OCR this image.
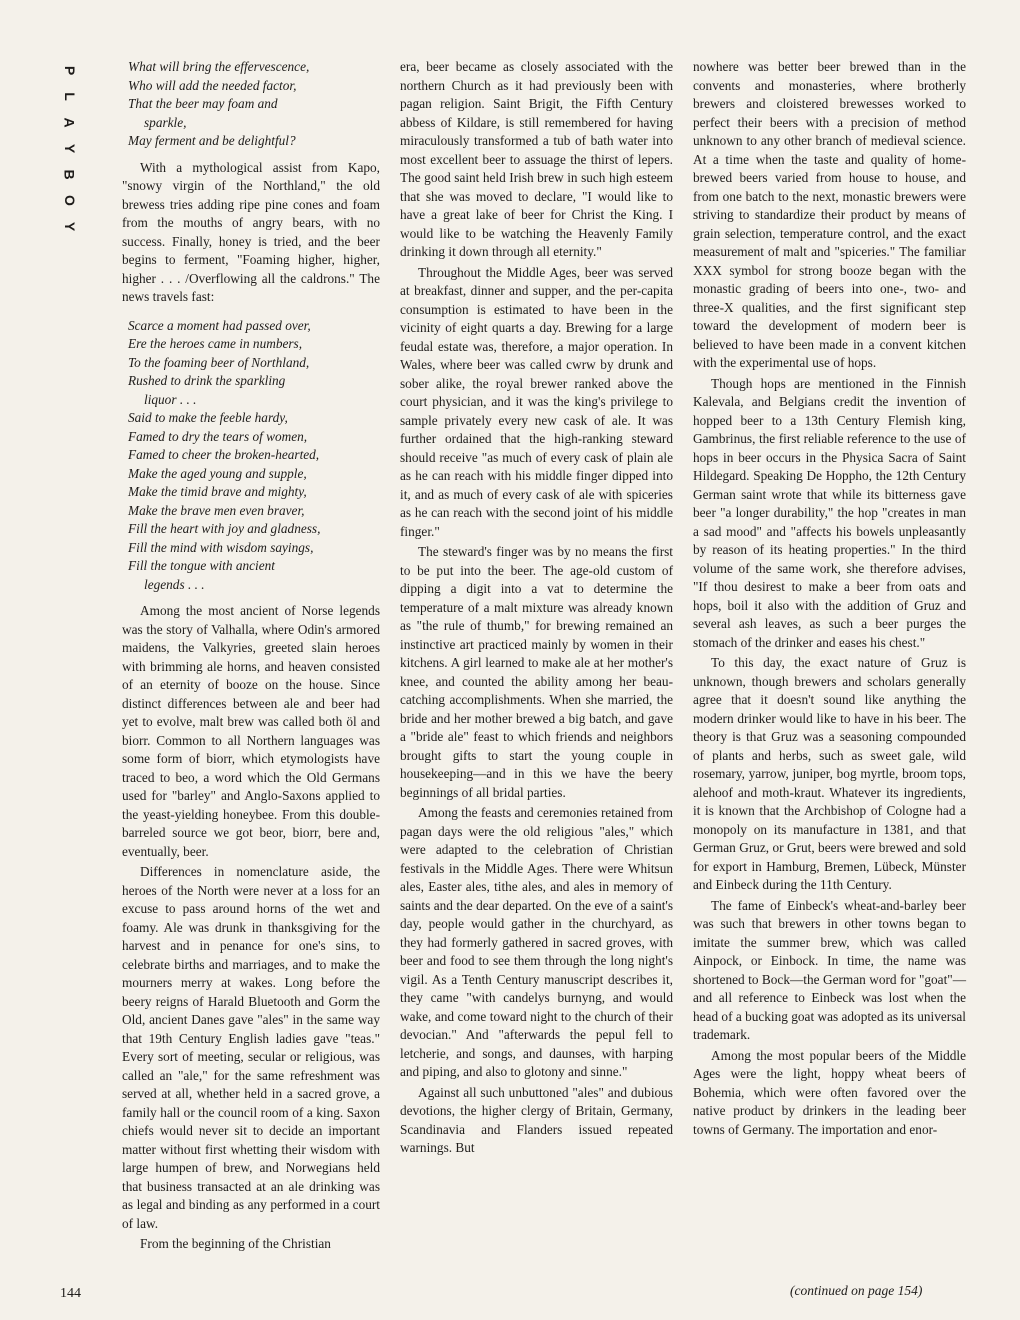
P
L
A
Y
B
O
Y
What will bring the effervescence,
Who will add the needed factor,
That the beer may foam and
sparkle,
May ferment and be delightful?

With a mythological assist from Kapo, "snowy virgin of the Northland," the old brewess tries adding ripe pine cones and foam from the mouths of angry bears, with no success. Finally, honey is tried, and the beer begins to ferment, "Foaming higher, higher, higher . . . /Overflowing all the caldrons." The news travels fast:

Scarce a moment had passed over,
Ere the heroes came in numbers,
To the foaming beer of Northland,
Rushed to drink the sparkling
liquor . . .
Said to make the feeble hardy,
Famed to dry the tears of women,
Famed to cheer the broken-hearted,
Make the aged young and supple,
Make the timid brave and mighty,
Make the brave men even braver,
Fill the heart with joy and gladness,
Fill the mind with wisdom sayings,
Fill the tongue with ancient
legends . . .

Among the most ancient of Norse legends was the story of Valhalla, where Odin's armored maidens, the Valkyries, greeted slain heroes with brimming ale horns, and heaven consisted of an eternity of booze on the house. Since distinct differences between ale and beer had yet to evolve, malt brew was called both öl and biorr. Common to all Northern languages was some form of biorr, which etymologists have traced to beo, a word which the Old Germans used for "barley" and Anglo-Saxons applied to the yeast-yielding honeybee. From this double-barreled source we got beor, biorr, bere and, eventually, beer.

Differences in nomenclature aside, the heroes of the North were never at a loss for an excuse to pass around horns of the wet and foamy. Ale was drunk in thanksgiving for the harvest and in penance for one's sins, to celebrate births and marriages, and to make the mourners merry at wakes. Long before the beery reigns of Harald Bluetooth and Gorm the Old, ancient Danes gave "ales" in the same way that 19th Century English ladies gave "teas." Every sort of meeting, secular or religious, was called an "ale," for the same refreshment was served at all, whether held in a sacred grove, a family hall or the council room of a king. Saxon chiefs would never sit to decide an important matter without first whetting their wisdom with large humpen of brew, and Norwegians held that business transacted at an ale drinking was as legal and binding as any performed in a court of law.

From the beginning of the Christian

era, beer became as closely associated with the northern Church as it had previously been with pagan religion. Saint Brigit, the Fifth Century abbess of Kildare, is still remembered for having miraculously transformed a tub of bath water into most excellent beer to assuage the thirst of lepers. The good saint held Irish brew in such high esteem that she was moved to declare, "I would like to have a great lake of beer for Christ the King. I would like to be watching the Heavenly Family drinking it down through all eternity."

Throughout the Middle Ages, beer was served at breakfast, dinner and supper, and the per-capita consumption is estimated to have been in the vicinity of eight quarts a day. Brewing for a large feudal estate was, therefore, a major operation. In Wales, where beer was called cwrw by drunk and sober alike, the royal brewer ranked above the court physician, and it was the king's privilege to sample privately every new cask of ale. It was further ordained that the high-ranking steward should receive "as much of every cask of plain ale as he can reach with his middle finger dipped into it, and as much of every cask of ale with spiceries as he can reach with the second joint of his middle finger."

The steward's finger was by no means the first to be put into the beer. The age-old custom of dipping a digit into a vat to determine the temperature of a malt mixture was already known as "the rule of thumb," for brewing remained an instinctive art practiced mainly by women in their kitchens. A girl learned to make ale at her mother's knee, and counted the ability among her beau-catching accomplishments. When she married, the bride and her mother brewed a big batch, and gave a "bride ale" feast to which friends and neighbors brought gifts to start the young couple in housekeeping—and in this we have the beery beginnings of all bridal parties.

Among the feasts and ceremonies retained from pagan days were the old religious "ales," which were adapted to the celebration of Christian festivals in the Middle Ages. There were Whitsun ales, Easter ales, tithe ales, and ales in memory of saints and the dear departed. On the eve of a saint's day, people would gather in the churchyard, as they had formerly gathered in sacred groves, with beer and food to see them through the long night's vigil. As a Tenth Century manuscript describes it, they came "with candelys burnyng, and would wake, and come toward night to the church of their devocian." And "afterwards the pepul fell to letcherie, and songs, and daunses, with harping and piping, and also to glotony and sinne."

Against all such unbuttoned "ales" and dubious devotions, the higher clergy of Britain, Germany, Scandinavia and Flanders issued repeated warnings. But

nowhere was better beer brewed than in the convents and monasteries, where brotherly brewers and cloistered brewesses worked to perfect their beers with a precision of method unknown to any other branch of medieval science. At a time when the taste and quality of home-brewed beers varied from house to house, and from one batch to the next, monastic brewers were striving to standardize their product by means of grain selection, temperature control, and the exact measurement of malt and "spiceries." The familiar XXX symbol for strong booze began with the monastic grading of beers into one-, two- and three-X qualities, and the first significant step toward the development of modern beer is believed to have been made in a convent kitchen with the experimental use of hops.

Though hops are mentioned in the Finnish Kalevala, and Belgians credit the invention of hopped beer to a 13th Century Flemish king, Gambrinus, the first reliable reference to the use of hops in beer occurs in the Physica Sacra of Saint Hildegard. Speaking De Hoppho, the 12th Century German saint wrote that while its bitterness gave beer "a longer durability," the hop "creates in man a sad mood" and "affects his bowels unpleasantly by reason of its heating properties." In the third volume of the same work, she therefore advises, "If thou desirest to make a beer from oats and hops, boil it also with the addition of Gruz and several ash leaves, as such a beer purges the stomach of the drinker and eases his chest."

To this day, the exact nature of Gruz is unknown, though brewers and scholars generally agree that it doesn't sound like anything the modern drinker would like to have in his beer. The theory is that Gruz was a seasoning compounded of plants and herbs, such as sweet gale, wild rosemary, yarrow, juniper, bog myrtle, broom tops, alehoof and moth-kraut. Whatever its ingredients, it is known that the Archbishop of Cologne had a monopoly on its manufacture in 1381, and that German Gruz, or Grut, beers were brewed and sold for export in Hamburg, Bremen, Lübeck, Münster and Einbeck during the 11th Century.

The fame of Einbeck's wheat-and-barley beer was such that brewers in other towns began to imitate the summer brew, which was called Ainpock, or Einbock. In time, the name was shortened to Bock—the German word for "goat"—and all reference to Einbeck was lost when the head of a bucking goat was adopted as its universal trademark.

Among the most popular beers of the Middle Ages were the light, hoppy wheat beers of Bohemia, which were often favored over the native product by drinkers in the leading beer towns of Germany. The importation and enor-

144	(continued on page 154)
